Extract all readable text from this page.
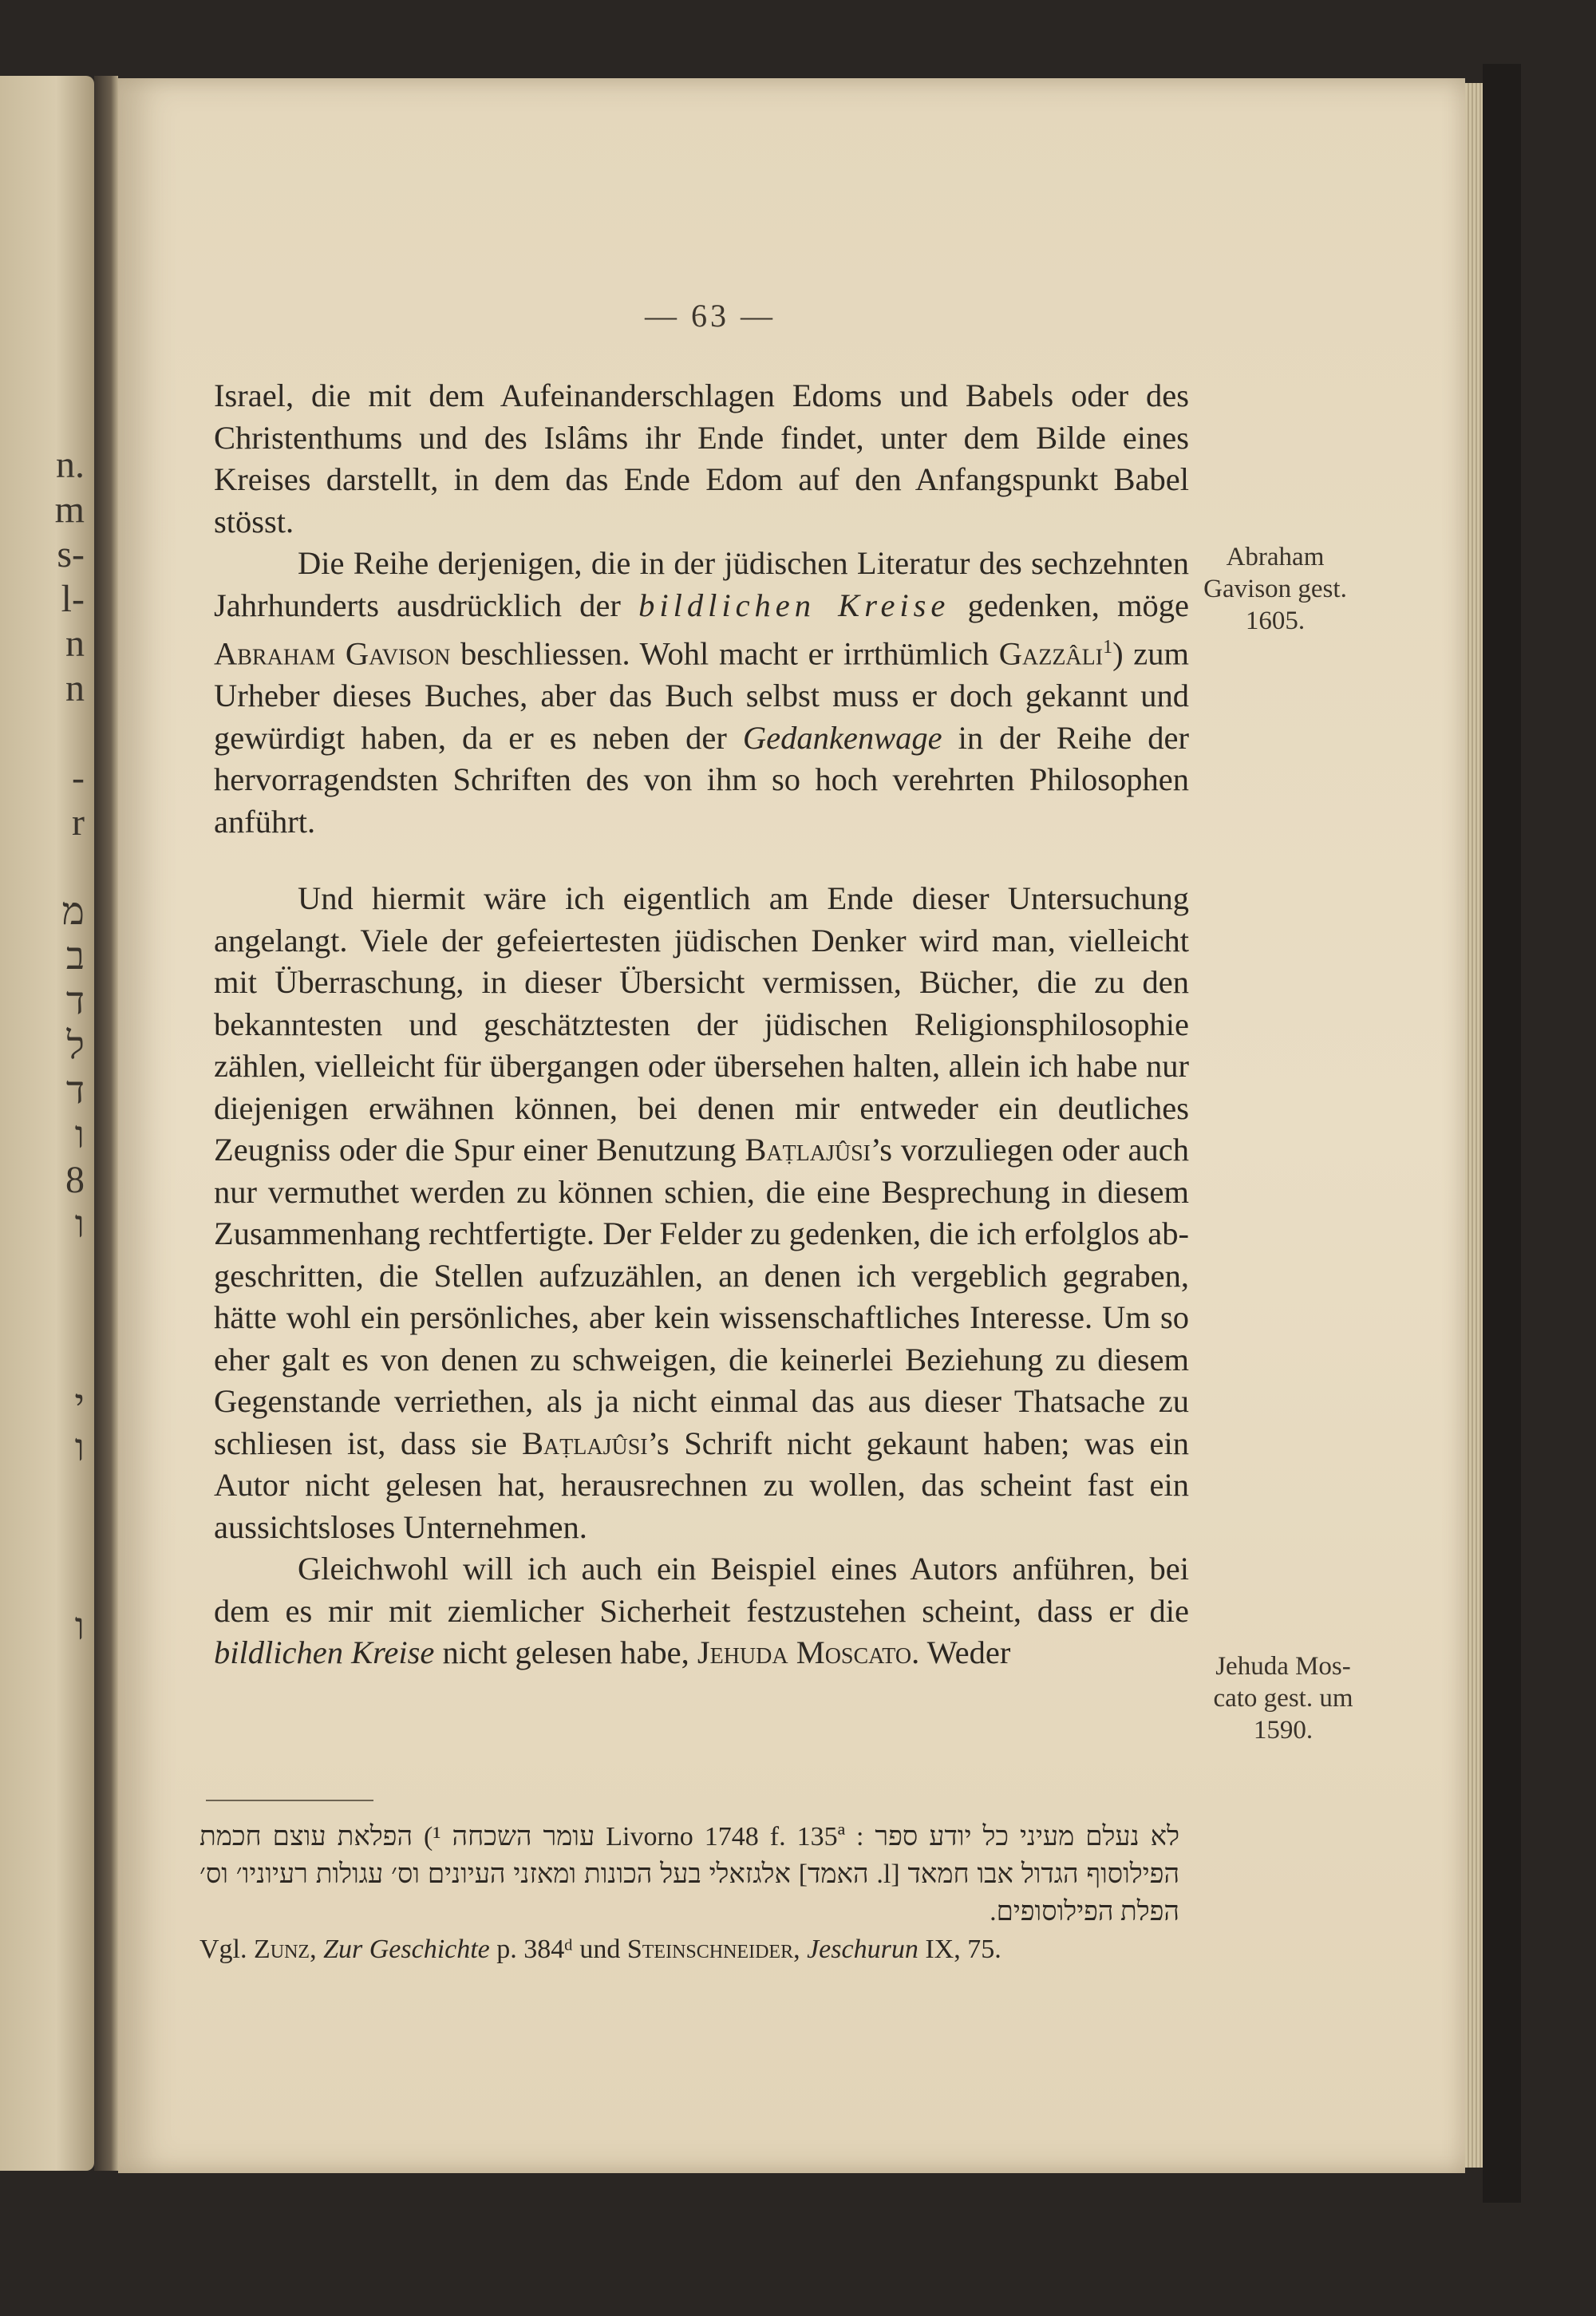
n.
m
s-
l-
n
n

-
r

מ
ב
ד
ל
ד
ו
8
ו

י
ו

ו
— 63 —

Israel, die mit dem Aufeinanderschlagen Edoms und Babels oder des Christenthums und des Islâms ihr Ende findet, unter dem Bilde eines Kreises darstellt, in dem das Ende Edom auf den Anfangspunkt Babel stösst.

Die Reihe derjenigen, die in der jüdischen Literatur des sechzehnten Jahrhunderts ausdrücklich der bildlichen Kreise gedenken, möge Abraham Gavison beschliessen. Wohl macht er irrthümlich Gazzâli$^1$) zum Urheber dieses Buches, aber das Buch selbst muss er doch gekannt und gewürdigt haben, da er es neben der Gedankenwage in der Reihe der hervorragendsten Schriften des von ihm so hoch verehrten Philosophen anführt.

Und hiermit wäre ich eigentlich am Ende dieser Untersuchung angelangt. Viele der gefeiertesten jüdischen Denker wird man, vielleicht mit Überraschung, in dieser Übersicht vermissen, Bücher, die zu den bekanntesten und geschätztesten der jüdischen Religionsphilosophie zählen, vielleicht für übergangen oder übersehen halten, allein ich habe nur diejenigen erwähnen können, bei denen mir entweder ein deutliches Zeugniss oder die Spur einer Benutzung Baṭlajûsi’s vorzuliegen oder auch nur vermuthet werden zu können schien, die eine Besprechung in diesem Zusammenhang rechtfertigte. Der Felder zu gedenken, die ich erfolglos abgeschritten, die Stellen aufzuzählen, an denen ich vergeblich gegraben, hätte wohl ein persönliches, aber kein wissenschaftliches Interesse. Um so eher galt es von denen zu schweigen, die keinerlei Beziehung zu diesem Gegenstande verriethen, als ja nicht einmal das aus dieser Thatsache zu schliesen ist, dass sie Baṭlajûsi’s Schrift nicht gekaunt haben; was ein Autor nicht gelesen hat, herausrechnen zu wollen, das scheint fast ein aussichtsloses Unternehmen.

Gleichwohl will ich auch ein Beispiel eines Autors anführen, bei dem es mir mit ziemlicher Sicherheit festzustehen scheint, dass er die bildlichen Kreise nicht gelesen habe, Jehuda Moscato. Weder

Abraham Gavison gest. 1605.
Jehuda Moscato gest. um 1590.

לא נעלם מעיני כל יודע ספר : Livorno 1748 f. 135ª עומר השכחה ¹) הפלאת עוצם חכמת הפילוסוף הגדול אבו חמאד [l. האמד] אלגזאלי בעל הכונות ומאזני העיונים וס׳ עגולות רעיוניו׳ וס׳ הפלת הפילוסופים.

Vgl. Zunz, Zur Geschichte p. 384ᵈ und Steinschneider, Jeschurun IX, 75.
